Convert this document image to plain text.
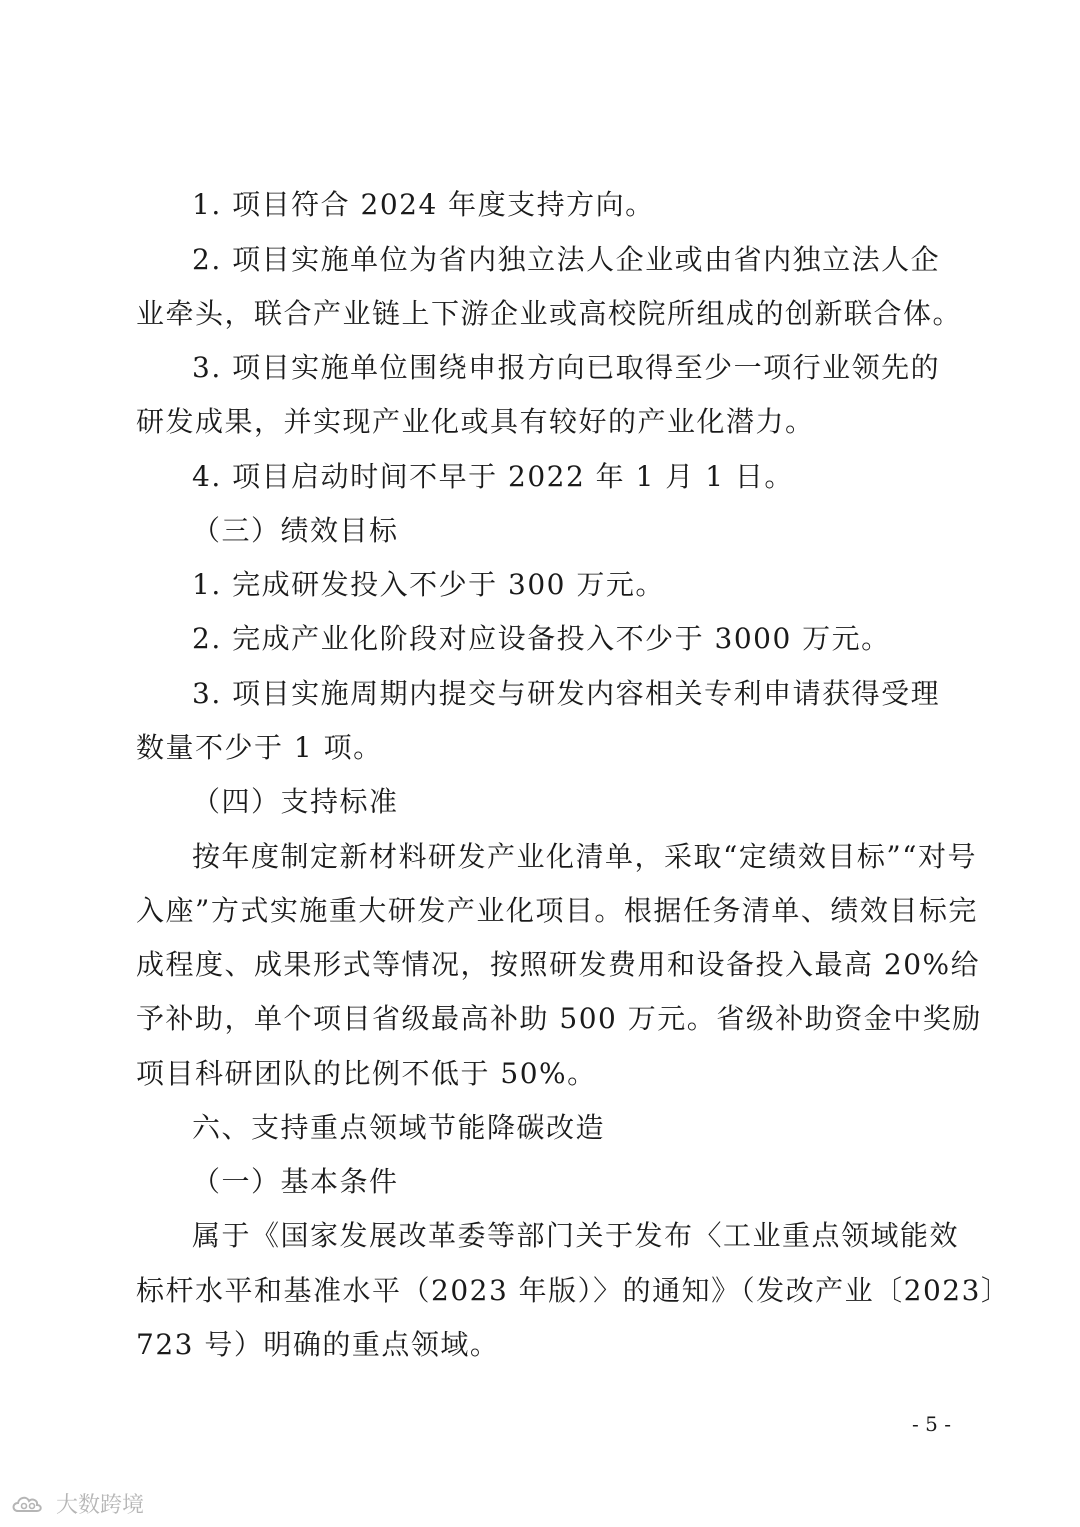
1. 项目符合 2024 年度支持方向。
2. 项目实施单位为省内独立法人企业或由省内独立法人企
业牵头，联合产业链上下游企业或高校院所组成的创新联合体。
3. 项目实施单位围绕申报方向已取得至少一项行业领先的
研发成果，并实现产业化或具有较好的产业化潜力。
4. 项目启动时间不早于 2022 年 1 月 1 日。
（三）绩效目标
1. 完成研发投入不少于 300 万元。
2. 完成产业化阶段对应设备投入不少于 3000 万元。
3. 项目实施周期内提交与研发内容相关专利申请获得受理
数量不少于 1 项。
（四）支持标准
按年度制定新材料研发产业化清单，采取“定绩效目标”“对号
入座”方式实施重大研发产业化项目。根据任务清单、绩效目标完
成程度、成果形式等情况，按照研发费用和设备投入最高 20%给
予补助，单个项目省级最高补助 500 万元。省级补助资金中奖励
项目科研团队的比例不低于 50%。
六、支持重点领域节能降碳改造
（一）基本条件
属于《国家发展改革委等部门关于发布〈工业重点领域能效
标杆水平和基准水平（2023 年版）〉的通知》（发改产业〔2023〕
723 号）明确的重点领域。
- 5 -
大数跨境
